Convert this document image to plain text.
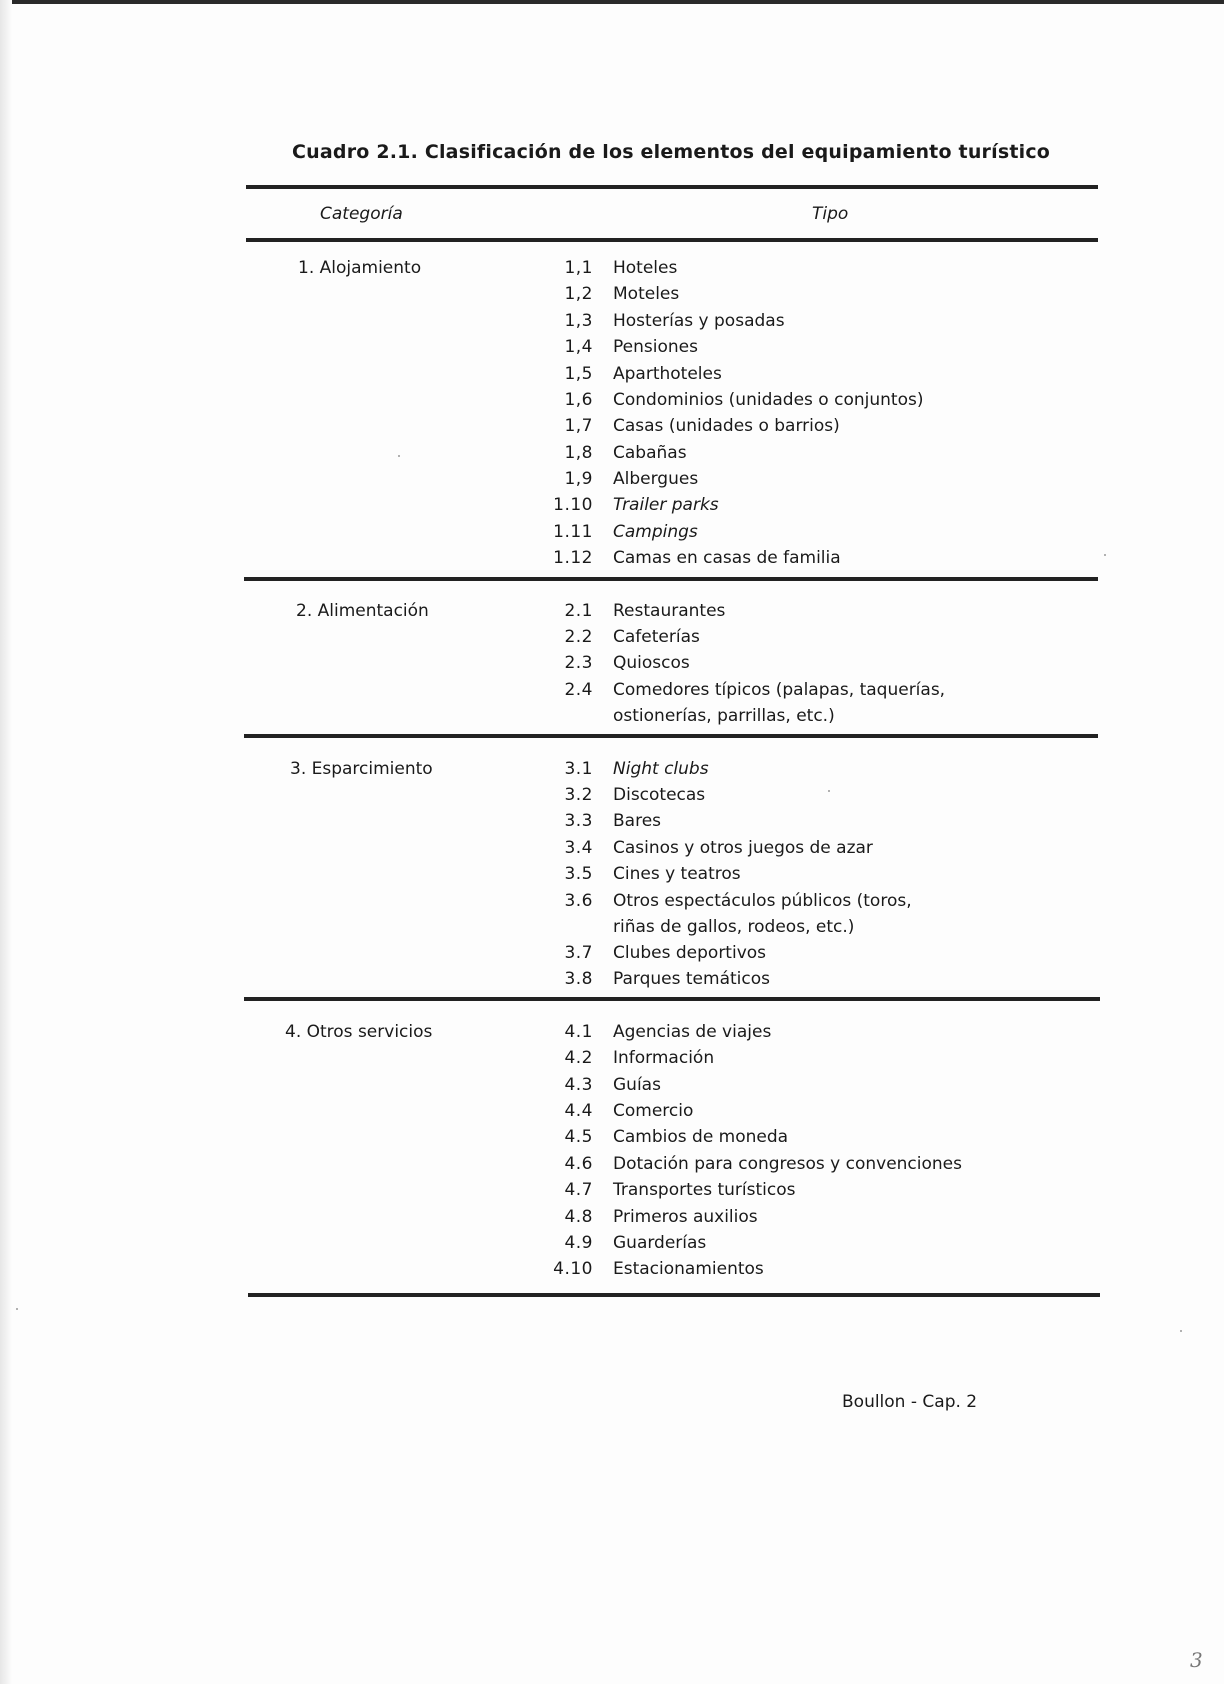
Cuadro 2.1. Clasificación de los elementos del equipamiento turístico
Categoría	Tipo
1. Alojamiento	1,1 Hoteles
1,2 Moteles
1,3 Hosterías y posadas
1,4 Pensiones
1,5 Aparthoteles
1,6 Condominios (unidades o conjuntos)
1,7 Casas (unidades o barrios)
1,8 Cabañas
1,9 Albergues
1.10 Trailer parks
1.11 Campings
1.12 Camas en casas de familia
2. Alimentación	2.1 Restaurantes
2.2 Cafeterías
2.3 Quioscos
2.4 Comedores típicos (palapas, taquerías,
ostionerías, parrillas, etc.)
3. Esparcimiento	3.1 Night clubs
3.2 Discotecas
3.3 Bares
3.4 Casinos y otros juegos de azar
3.5 Cines y teatros
3.6 Otros espectáculos públicos (toros,
riñas de gallos, rodeos, etc.)
3.7 Clubes deportivos
3.8 Parques temáticos
4. Otros servicios	4.1 Agencias de viajes
4.2 Información
4.3 Guías
4.4 Comercio
4.5 Cambios de moneda
4.6 Dotación para congresos y convenciones
4.7 Transportes turísticos
4.8 Primeros auxilios
4.9 Guarderías
4.10 Estacionamientos
Boullon - Cap. 2
3
